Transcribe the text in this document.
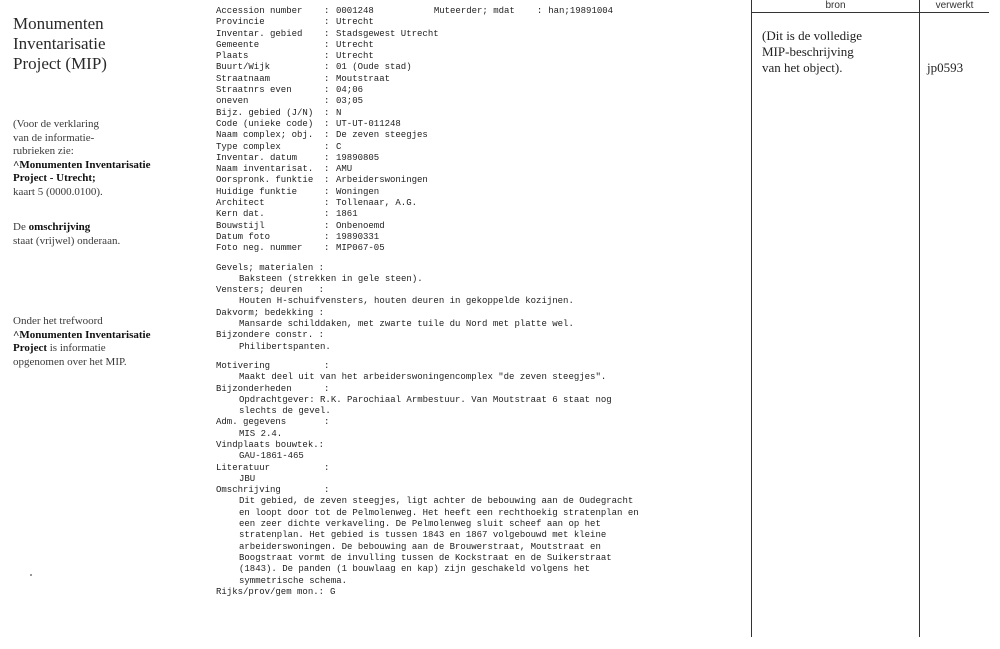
Monumenten
Inventarisatie
Project (MIP)
(Voor de verklaring
van de informatie-
rubrieken zie:
^Monumenten Inventarisatie
Project - Utrecht;
kaart 5 (0000.0100).
De omschrijving
staat (vrijwel) onderaan.
Onder het trefwoord
^Monumenten Inventarisatie
Project is informatie
opgenomen over het MIP.
Accession number	: 0001248	Muteerder; mdat : han;19891004
Provincie	: Utrecht
Inventar. gebied	: Stadsgewest Utrecht
Gemeente	: Utrecht
Plaats	: Utrecht
Buurt/Wijk	: 01 (Oude stad)
Straatnaam	: Moutstraat
Straatnrs even	: 04;06
oneven	: 03;05
Bijz. gebied (J/N)	: N
Code (unieke code)	: UT-UT-011248
Naam complex; obj.	: De zeven steegjes
Type complex	: C
Inventar. datum	: 19890805
Naam inventarisat.	: AMU
Oorspronk. funktie	: Arbeiderswoningen
Huidige funktie	: Woningen
Architect	: Tollenaar, A.G.
Kern dat.	: 1861
Bouwstijl	: Onbenoemd
Datum foto	: 19890331
Foto neg. nummer	: MIP067-05
Gevels; materialen :
Baksteen (strekken in gele steen).
Vensters; deuren   :
Houten H-schuifvensters, houten deuren in gekoppelde kozijnen.
Dakvorm; bedekking :
Mansarde schilddaken, met zwarte tuile du Nord met platte wel.
Bijzondere constr. :
Philibertspanten.
Motivering          :
Maakt deel uit van het arbeiderswoningencomplex "de zeven steegjes".
Bijzonderheden      :
Opdrachtgever: R.K. Parochiaal Armbestuur. Van Moutstraat 6 staat nog
slechts de gevel.
Adm. gegevens       :
MIS 2.4.
Vindplaats bouwtek.:
GAU-1861-465
Literatuur          :
JBU
Omschrijving        :
Dit gebied, de zeven steegjes, ligt achter de bebouwing aan de Oudegracht
en loopt door tot de Pelmolenweg. Het heeft een rechthoekig stratenplan en
een zeer dichte verkaveling. De Pelmolenweg sluit scheef aan op het
stratenplan. Het gebied is tussen 1843 en 1867 volgebouwd met kleine
arbeiderswoningen. De bebouwing aan de Brouwerstraat, Moutstraat en
Boogstraat vormt de invulling tussen de Kockstraat en de Suikerstraat
(1843). De panden (1 bouwlaag en kap) zijn geschakeld volgens het
symmetrische schema.
Rijks/prov/gem mon.: G
bron	verwerkt
(Dit is de volledige
MIP-beschrijving
van het object).	jp0593
